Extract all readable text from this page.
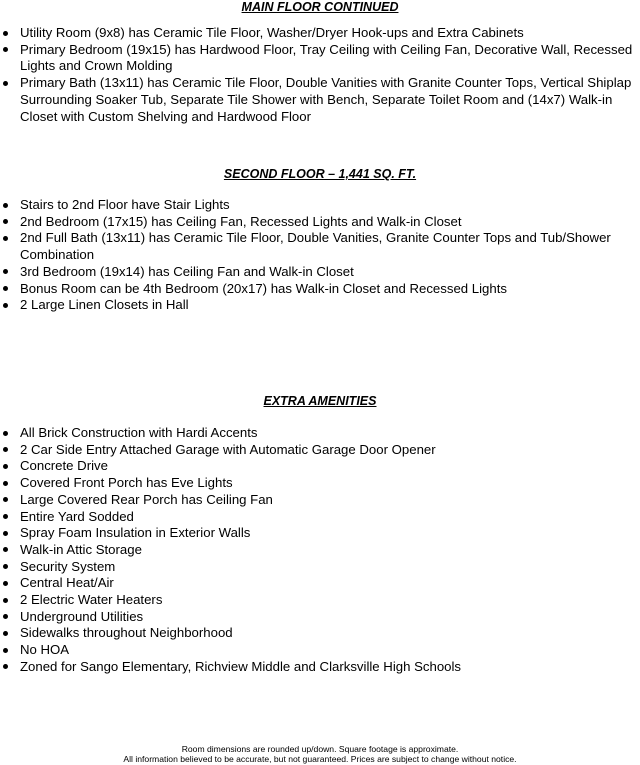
MAIN FLOOR CONTINUED
Utility Room (9x8) has Ceramic Tile Floor, Washer/Dryer Hook-ups and Extra Cabinets
Primary Bedroom (19x15) has Hardwood Floor, Tray Ceiling with Ceiling Fan, Decorative Wall, Recessed Lights and Crown Molding
Primary Bath (13x11) has Ceramic Tile Floor, Double Vanities with Granite Counter Tops, Vertical Shiplap Surrounding Soaker Tub, Separate Tile Shower with Bench, Separate Toilet Room and (14x7) Walk-in Closet with Custom Shelving and Hardwood Floor
SECOND FLOOR – 1,441 SQ. FT.
Stairs to 2nd Floor have Stair Lights
2nd Bedroom (17x15) has Ceiling Fan, Recessed Lights and Walk-in Closet
2nd Full Bath (13x11) has Ceramic Tile Floor, Double Vanities, Granite Counter Tops and Tub/Shower Combination
3rd Bedroom (19x14) has Ceiling Fan and Walk-in Closet
Bonus Room can be 4th Bedroom (20x17) has Walk-in Closet and Recessed Lights
2 Large Linen Closets in Hall
EXTRA AMENITIES
All Brick Construction with Hardi Accents
2 Car Side Entry Attached Garage with Automatic Garage Door Opener
Concrete Drive
Covered Front Porch has Eve Lights
Large Covered Rear Porch has Ceiling Fan
Entire Yard Sodded
Spray Foam Insulation in Exterior Walls
Walk-in Attic Storage
Security System
Central Heat/Air
2 Electric Water Heaters
Underground Utilities
Sidewalks throughout Neighborhood
No HOA
Zoned for Sango Elementary, Richview Middle and Clarksville High Schools
Room dimensions are rounded up/down. Square footage is approximate.
All information believed to be accurate, but not guaranteed. Prices are subject to change without notice.
